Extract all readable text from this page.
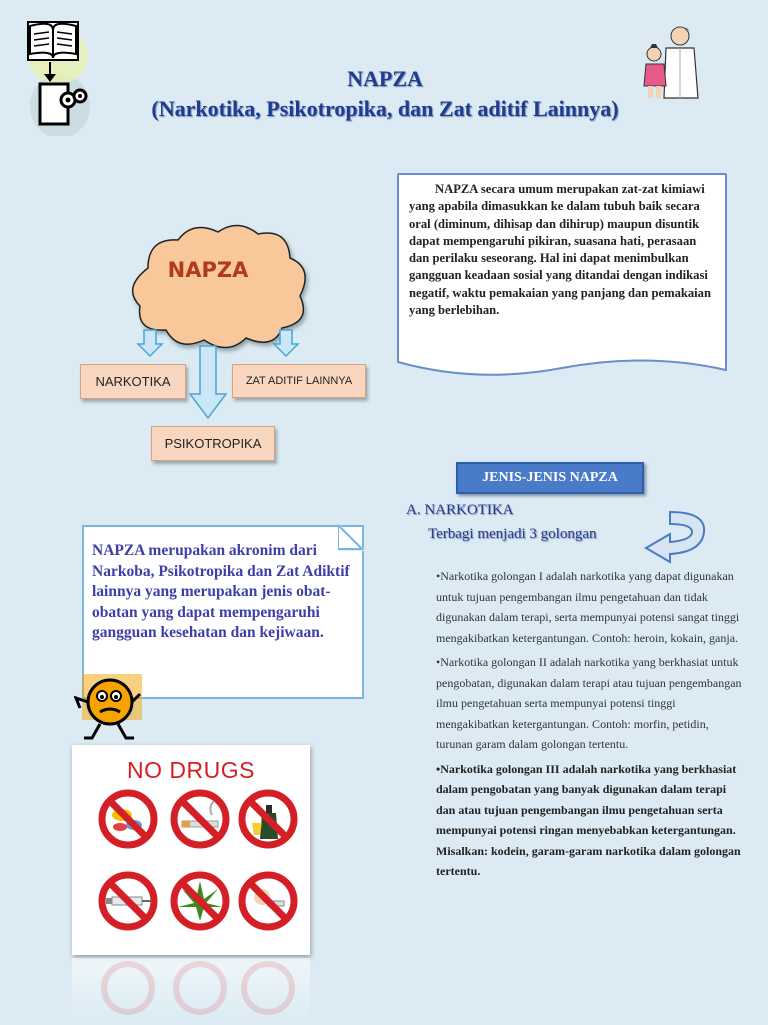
NAPZA
(Narkotika, Psikotropika, dan Zat aditif Lainnya)
NAPZA
NARKOTIKA	ZAT ADITIF LAINNYA
PSIKOTROPIKA
NAPZA secara umum merupakan zat-zat kimiawi yang apabila dimasukkan ke dalam tubuh baik secara oral (diminum, dihisap dan dihirup) maupun disuntik dapat mempengaruhi pikiran, suasana hati, perasaan dan perilaku seseorang. Hal ini dapat menimbulkan gangguan keadaan sosial yang ditandai dengan indikasi negatif, waktu pemakaian yang panjang dan pemakaian yang berlebihan.
JENIS-JENIS NAPZA
A. NARKOTIKA
Terbagi menjadi 3 golongan

•Narkotika golongan I adalah narkotika yang dapat digunakan untuk tujuan pengembangan ilmu pengetahuan dan tidak digunakan dalam terapi, serta mempunyai potensi sangat tinggi mengakibatkan ketergantungan. Contoh: heroin, kokain, ganja.

•Narkotika golongan II adalah narkotika yang berkhasiat untuk pengobatan, digunakan dalam terapi atau tujuan pengembangan ilmu pengetahuan serta mempunyai potensi tinggi mengakibatkan ketergantungan. Contoh: morfin, petidin, turunan garam dalam golongan tertentu.

•Narkotika golongan III adalah narkotika yang berkhasiat dalam pengobatan yang banyak digunakan dalam terapi dan atau tujuan pengembangan ilmu pengetahuan serta mempunyai potensi ringan menyebabkan ketergantungan. Misalkan: kodein, garam-garam narkotika dalam golongan tertentu.

NAPZA merupakan akronim dari Narkoba, Psikotropika dan Zat Adiktif lainnya yang merupakan jenis obat-obatan yang dapat mempengaruhi gangguan kesehatan dan kejiwaan.
NO DRUGS
